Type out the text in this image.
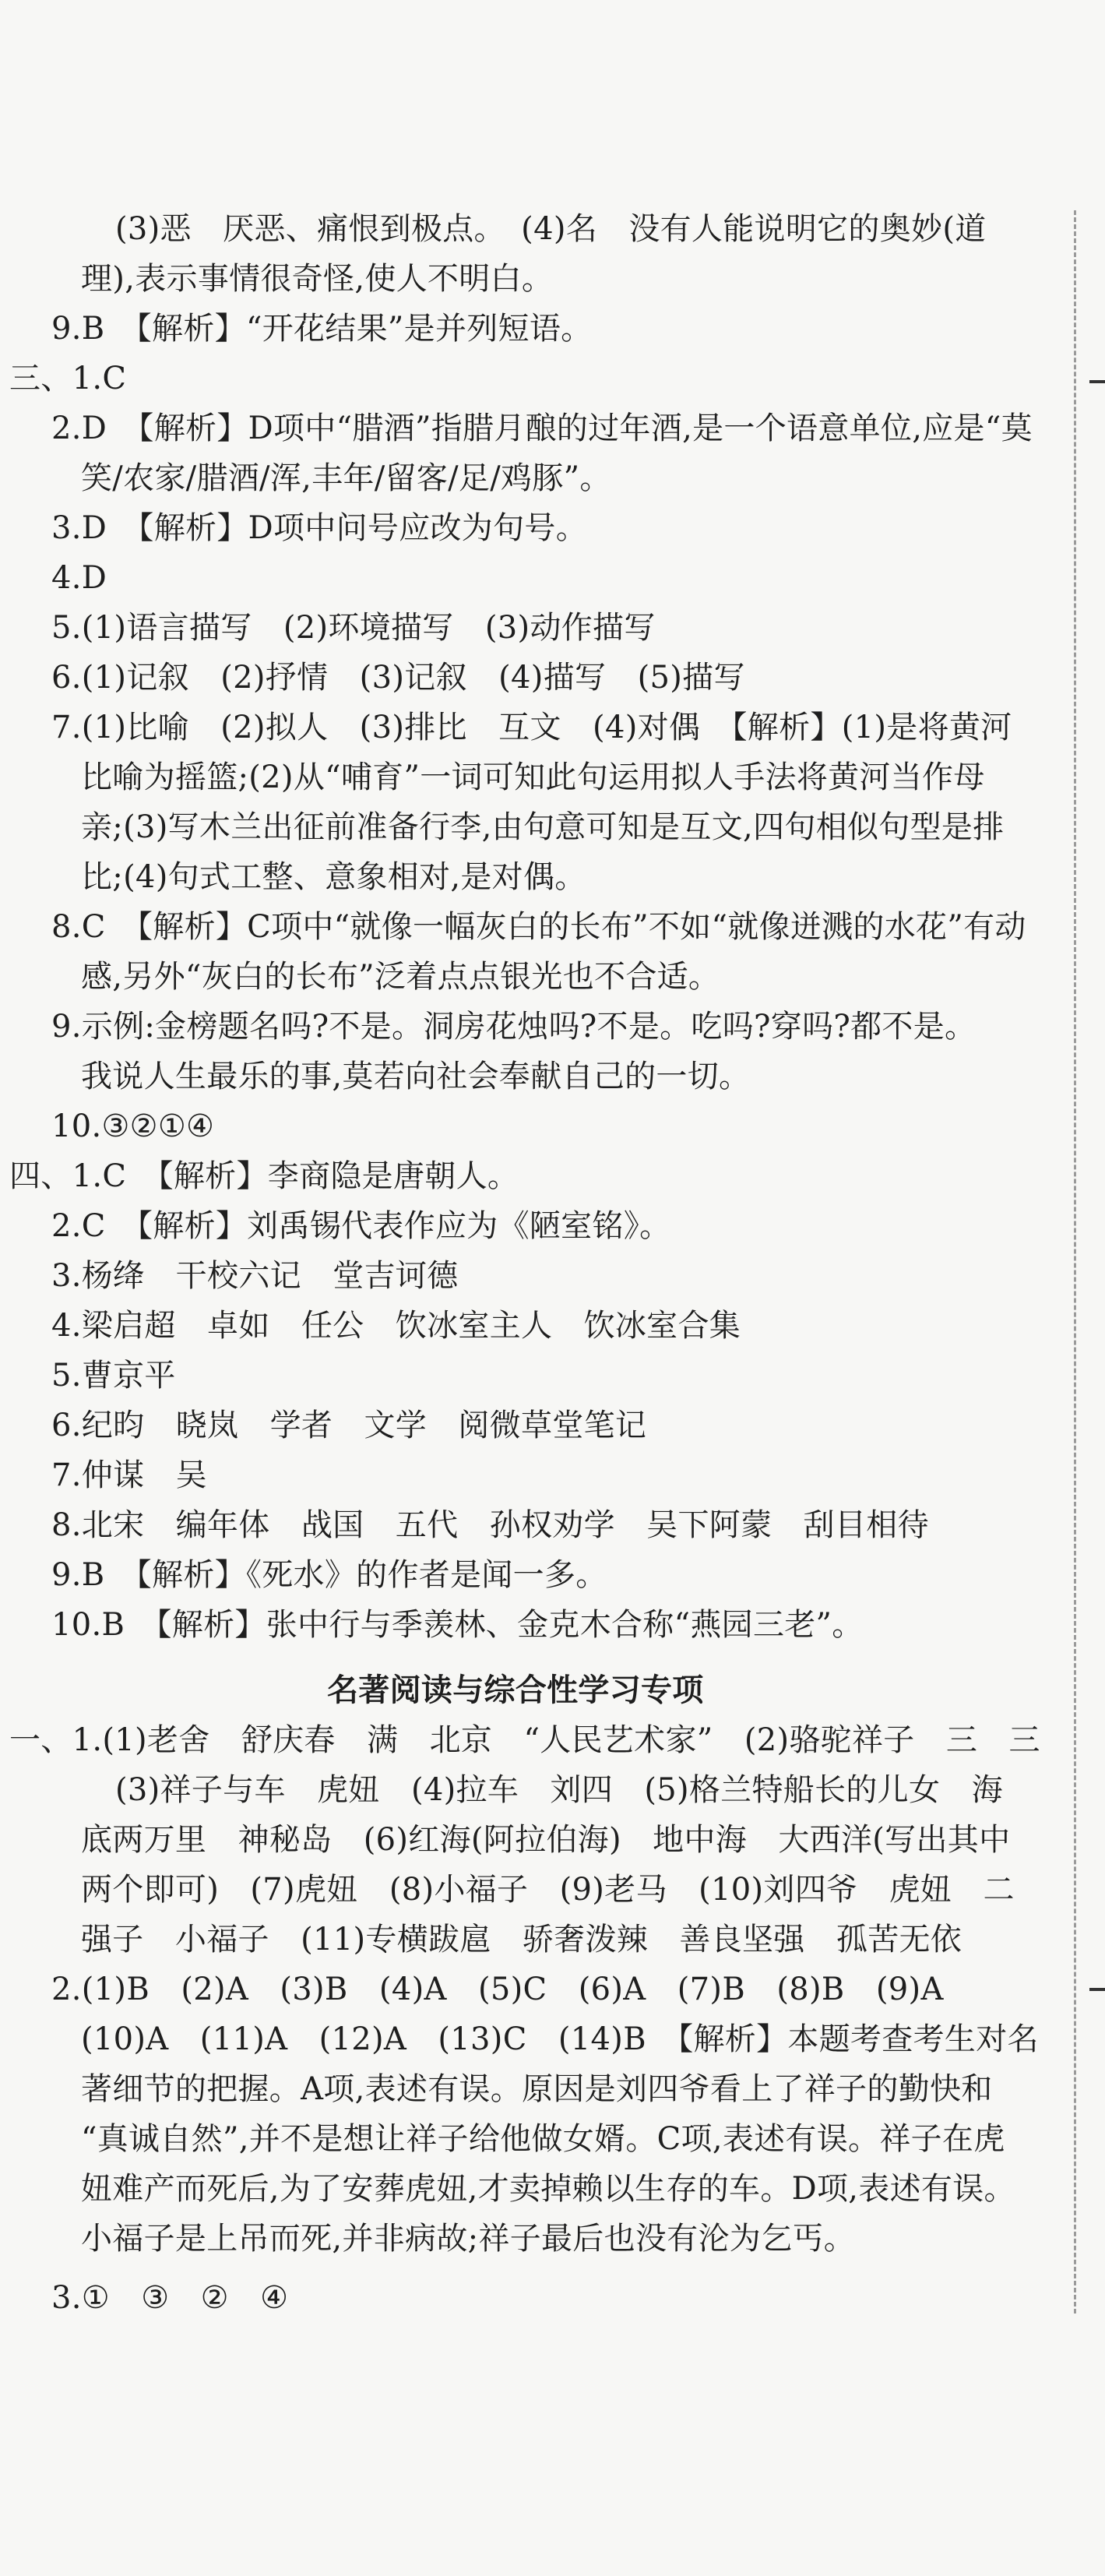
(3)恶　厌恶、痛恨到极点。　(4)名　没有人能说明它的奥妙(道
理),表示事情很奇怪,使人不明白。
9.B　【解析】“开花结果”是并列短语。
三、1.C
2.D　【解析】D项中“腊酒”指腊月酿的过年酒,是一个语意单位,应是“莫
笑/农家/腊酒/浑,丰年/留客/足/鸡豚”。
3.D　【解析】D项中问号应改为句号。
4.D
5.(1)语言描写　(2)环境描写　(3)动作描写
6.(1)记叙　(2)抒情　(3)记叙　(4)描写　(5)描写
7.(1)比喻　(2)拟人　(3)排比　互文　(4)对偶　【解析】(1)是将黄河
比喻为摇篮;(2)从“哺育”一词可知此句运用拟人手法将黄河当作母
亲;(3)写木兰出征前准备行李,由句意可知是互文,四句相似句型是排
比;(4)句式工整、意象相对,是对偶。
8.C　【解析】C项中“就像一幅灰白的长布”不如“就像迸溅的水花”有动
感,另外“灰白的长布”泛着点点银光也不合适。
9.示例:金榜题名吗?不是。洞房花烛吗?不是。吃吗?穿吗?都不是。
我说人生最乐的事,莫若向社会奉献自己的一切。
10.③②①④
四、1.C　【解析】李商隐是唐朝人。
2.C　【解析】刘禹锡代表作应为《陋室铭》。
3.杨绛　干校六记　堂吉诃德
4.梁启超　卓如　任公　饮冰室主人　饮冰室合集
5.曹京平
6.纪昀　晓岚　学者　文学　阅微草堂笔记
7.仲谋　吴
8.北宋　编年体　战国　五代　孙权劝学　吴下阿蒙　刮目相待
9.B　【解析】《死水》的作者是闻一多。
10.B　【解析】张中行与季羡林、金克木合称“燕园三老”。
名著阅读与综合性学习专项
一、1.(1)老舍　舒庆春　满　北京　“人民艺术家”　(2)骆驼祥子　三　三
(3)祥子与车　虎妞　(4)拉车　刘四　(5)格兰特船长的儿女　海
底两万里　神秘岛　(6)红海(阿拉伯海)　地中海　大西洋(写出其中
两个即可)　(7)虎妞　(8)小福子　(9)老马　(10)刘四爷　虎妞　二
强子　小福子　(11)专横跋扈　骄奢泼辣　善良坚强　孤苦无依
2.(1)B　(2)A　(3)B　(4)A　(5)C　(6)A　(7)B　(8)B　(9)A
(10)A　(11)A　(12)A　(13)C　(14)B　【解析】本题考查考生对名
著细节的把握。A项,表述有误。原因是刘四爷看上了祥子的勤快和
“真诚自然”,并不是想让祥子给他做女婿。C项,表述有误。祥子在虎
妞难产而死后,为了安葬虎妞,才卖掉赖以生存的车。D项,表述有误。
小福子是上吊而死,并非病故;祥子最后也没有沦为乞丐。
3.①　③　②　④
